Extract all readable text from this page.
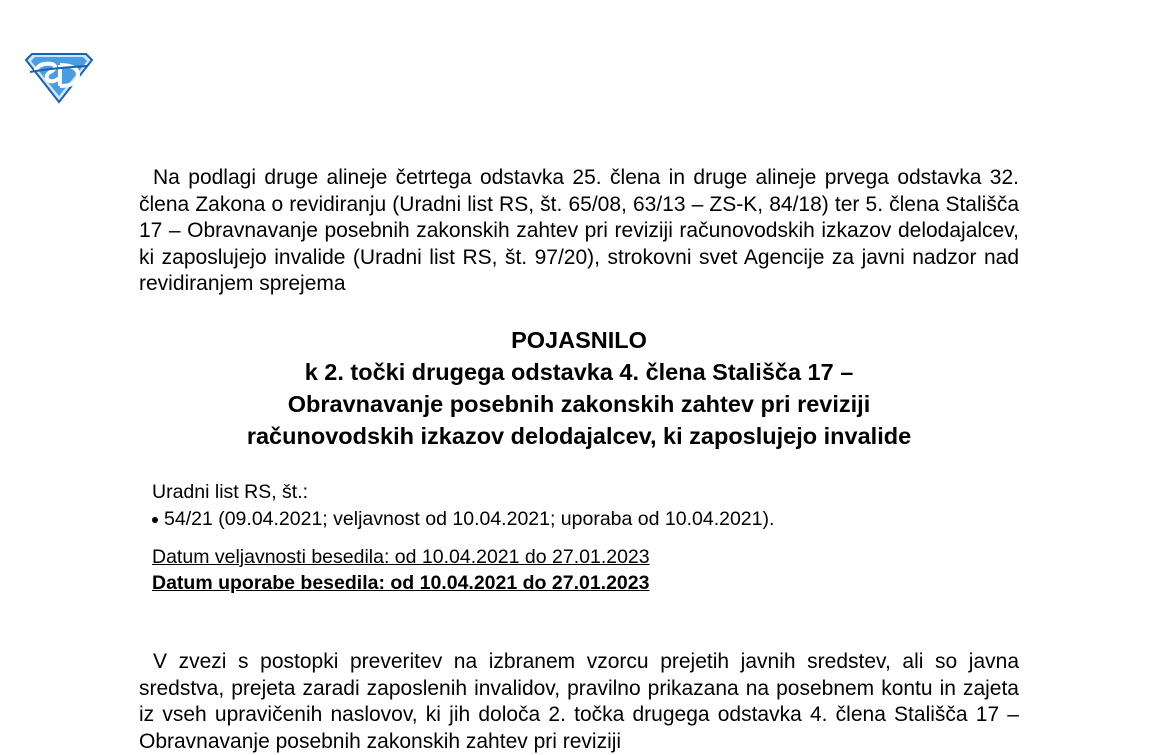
Na podlagi druge alineje četrtega odstavka 25. člena in druge alineje prvega odstavka 32. člena Zakona o revidiranju (Uradni list RS, št. 65/08, 63/13 – ZS-K, 84/18) ter 5. člena Stališča 17 – Obravnavanje posebnih zakonskih zahtev pri reviziji računovodskih izkazov delodajalcev, ki zaposlujejo invalide (Uradni list RS, št. 97/20), strokovni svet Agencije za javni nadzor nad revidiranjem sprejema

POJASNILO
k 2. točki drugega odstavka 4. člena Stališča 17 –
Obravnavanje posebnih zakonskih zahtev pri reviziji
računovodskih izkazov delodajalcev, ki zaposlujejo invalide
Uradni list RS, št.:
54/21 (09.04.2021; veljavnost od 10.04.2021; uporaba od 10.04.2021).
Datum veljavnosti besedila: od 10.04.2021 do 27.01.2023
Datum uporabe besedila: od 10.04.2021 do 27.01.2023

V zvezi s postopki preveritev na izbranem vzorcu prejetih javnih sredstev, ali so javna sredstva, prejeta zaradi zaposlenih invalidov, pravilno prikazana na posebnem kontu in zajeta iz vseh upravičenih naslovov, ki jih določa 2. točka drugega odstavka 4. člena Stališča 17 – Obravnavanje posebnih zakonskih zahtev pri reviziji
